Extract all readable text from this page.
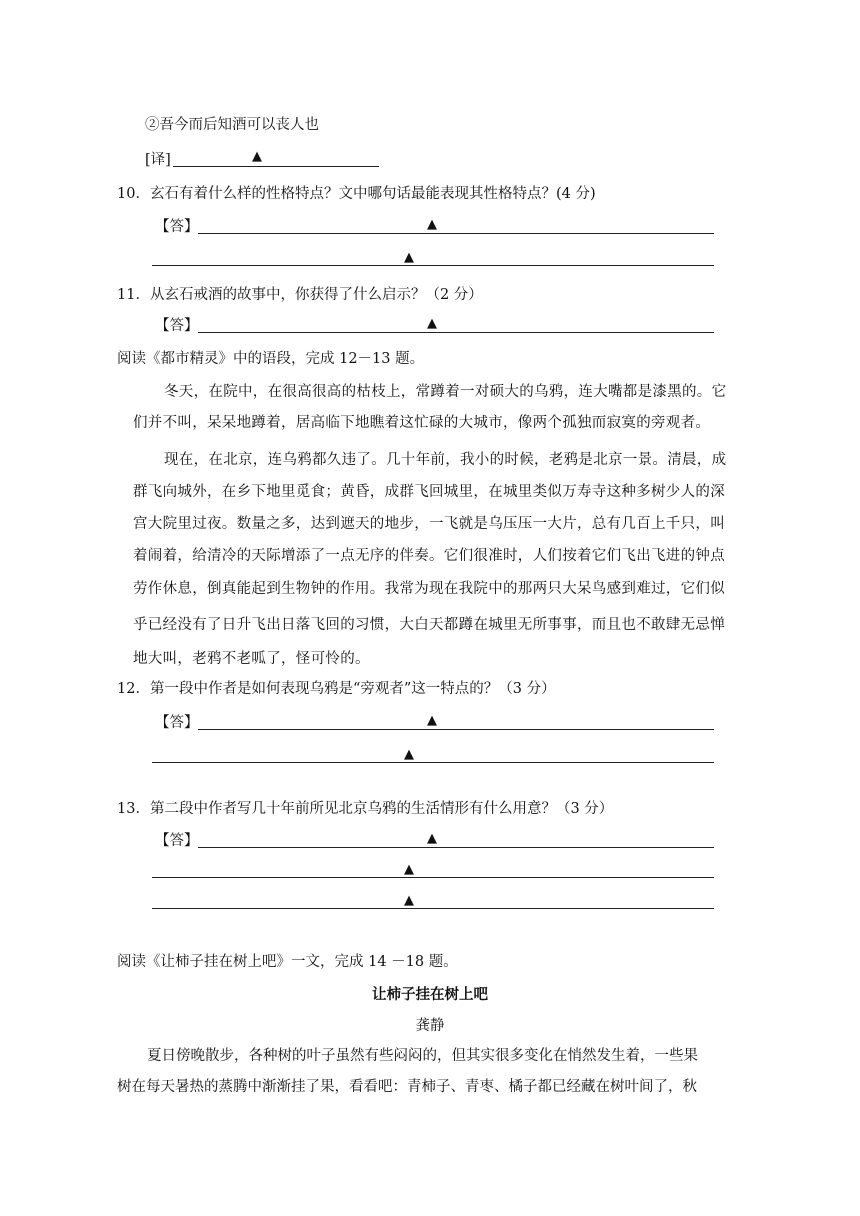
②吾今而后知酒可以丧人也
[译]	▲
10．玄石有着什么样的性格特点？文中哪句话最能表现其性格特点？(4 分)
【答】	▲
▲
11．从玄石戒酒的故事中，你获得了什么启示？（2 分）
【答】	▲
阅读《都市精灵》中的语段，完成 12－13 题。
冬天，在院中，在很高很高的枯枝上，常蹲着一对硕大的乌鸦，连大嘴都是漆黑的。它
们并不叫，呆呆地蹲着，居高临下地瞧着这忙碌的大城市，像两个孤独而寂寞的旁观者。
现在，在北京，连乌鸦都久违了。几十年前，我小的时候，老鸦是北京一景。清晨，成
群飞向城外，在乡下地里觅食；黄昏，成群飞回城里，在城里类似万寿寺这种多树少人的深
宫大院里过夜。数量之多，达到遮天的地步，一飞就是乌压压一大片，总有几百上千只，叫
着闹着，给清冷的天际增添了一点无序的伴奏。它们很准时，人们按着它们飞出飞进的钟点
劳作休息，倒真能起到生物钟的作用。我常为现在我院中的那两只大呆鸟感到难过，它们似
乎已经没有了日升飞出日落飞回的习惯，大白天都蹲在城里无所事事，而且也不敢肆无忌惮
地大叫，老鸦不老呱了，怪可怜的。
12．第一段中作者是如何表现乌鸦是“旁观者”这一特点的？（3 分）
【答】	▲
▲
13．第二段中作者写几十年前所见北京乌鸦的生活情形有什么用意？（3 分）
【答】	▲
▲
▲
阅读《让柿子挂在树上吧》一文，完成 14 －18 题。
让柿子挂在树上吧
龚静
夏日傍晚散步，各种树的叶子虽然有些闷闷的，但其实很多变化在悄然发生着，一些果
树在每天暑热的蒸腾中渐渐挂了果，看看吧：青柿子、青枣、橘子都已经藏在树叶间了，秋
